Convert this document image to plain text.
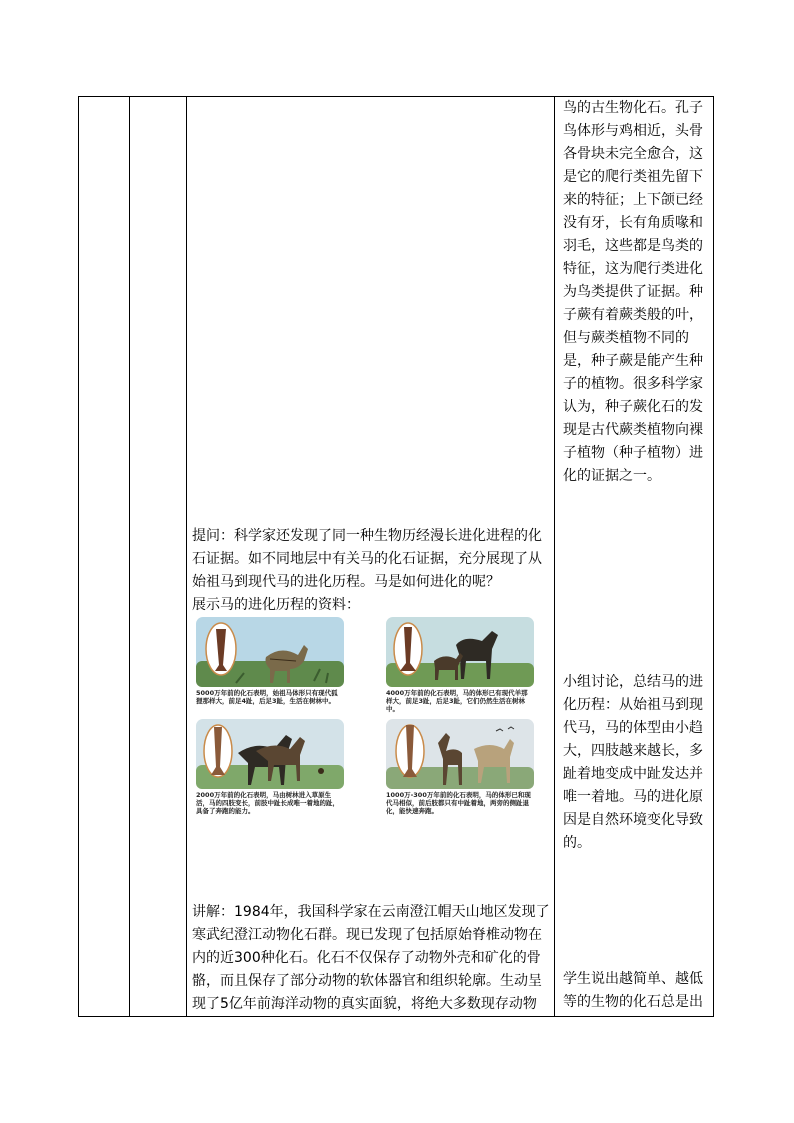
鸟的古生物化石。孔子鸟体形与鸡相近，头骨各骨块未完全愈合，这是它的爬行类祖先留下来的特征；上下颌已经没有牙，长有角质喙和羽毛，这些都是鸟类的特征，这为爬行类进化为鸟类提供了证据。种子蕨有着蕨类般的叶，但与蕨类植物不同的是，种子蕨是能产生种子的植物。很多科学家认为，种子蕨化石的发现是古代蕨类植物向裸子植物（种子植物）进化的证据之一。
提问：科学家还发现了同一种生物历经漫长进化进程的化石证据。如不同地层中有关马的化石证据，充分展现了从始祖马到现代马的进化历程。马是如何进化的呢？
展示马的进化历程的资料：
5000万年前的化石表明，始祖马体形只有现代狐狸那样大，前足4趾，后足3趾，生活在树林中。
4000万年前的化石表明，马的体形已有现代羊那样大，前足3趾，后足3趾，它们仍然生活在树林中。
2000万年前的化石表明，马由树林进入草原生活，马的四肢变长，前肢中趾长成唯一着地的趾，具备了奔跑的能力。
1000万-300万年前的化石表明，马的体形已和现代马相似，前后肢都只有中趾着地，两旁的侧趾退化，能快速奔跑。
小组讨论，总结马的进化历程：从始祖马到现代马，马的体型由小趋大，四肢越来越长，多趾着地变成中趾发达并唯一着地。马的进化原因是自然环境变化导致的。
讲解：1984年，我国科学家在云南澄江帽天山地区发现了寒武纪澄江动物化石群。现已发现了包括原始脊椎动物在内的近300种化石。化石不仅保存了动物外壳和矿化的骨骼，而且保存了部分动物的软体器官和组织轮廓。生动呈现了5亿年前海洋动物的真实面貌，将绝大多数现存动物
学生说出越简单、越低等的生物的化石总是出
